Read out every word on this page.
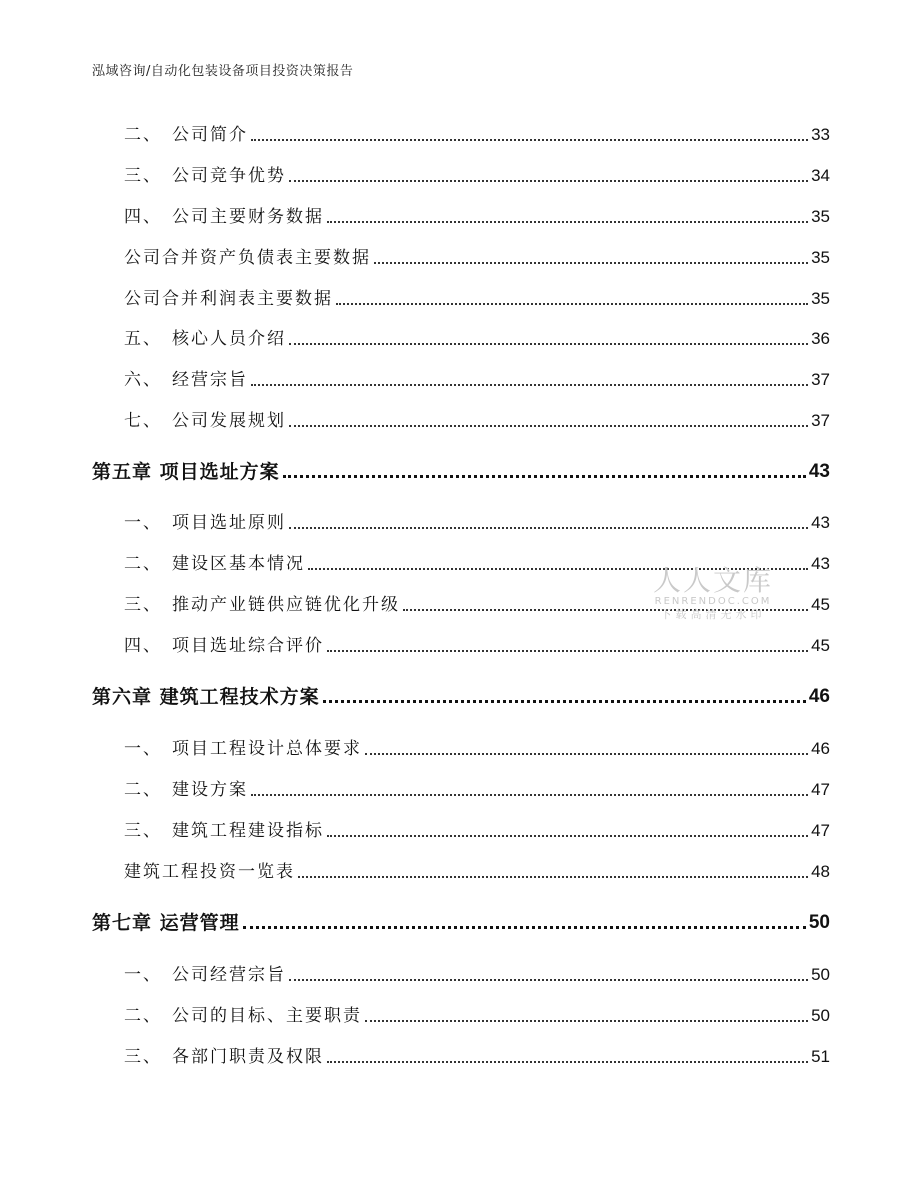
泓域咨询/自动化包装设备项目投资决策报告
二、 公司简介	33
三、 公司竞争优势	34
四、 公司主要财务数据	35
公司合并资产负债表主要数据	35
公司合并利润表主要数据	35
五、 核心人员介绍	36
六、 经营宗旨	37
七、 公司发展规划	37
第五章 项目选址方案	43
一、 项目选址原则	43
二、 建设区基本情况	43
三、 推动产业链供应链优化升级	45
四、 项目选址综合评价	45
第六章 建筑工程技术方案	46
一、 项目工程设计总体要求	46
二、 建设方案	47
三、 建筑工程建设指标	47
建筑工程投资一览表	48
第七章 运营管理	50
一、 公司经营宗旨	50
二、 公司的目标、主要职责	50
三、 各部门职责及权限	51
人人文库
RENRENDOC.COM
下载高清无水印
